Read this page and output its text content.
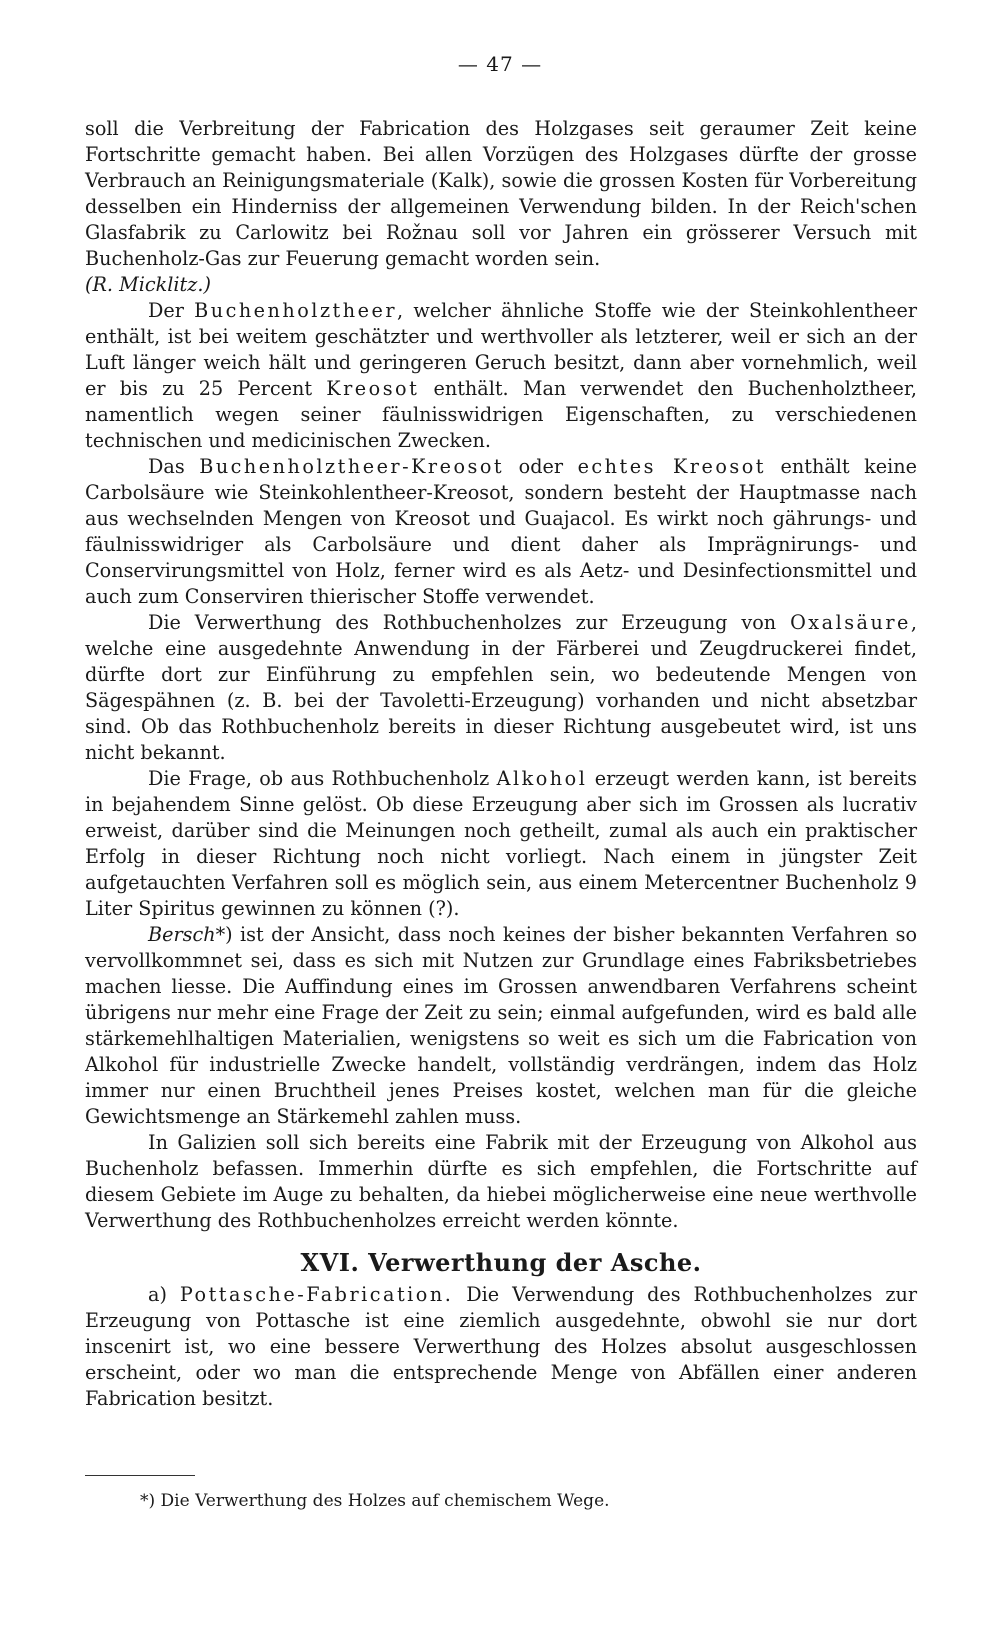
— 47 —

soll die Verbreitung der Fabrication des Holzgases seit geraumer Zeit keine Fortschritte gemacht haben. Bei allen Vorzügen des Holzgases dürfte der grosse Verbrauch an Reinigungsmateriale (Kalk), sowie die grossen Kosten für Vorbereitung desselben ein Hinderniss der allgemeinen Verwendung bilden. In der Reich'schen Glasfabrik zu Carlowitz bei Rožnau soll vor Jahren ein grösserer Versuch mit Buchenholz-Gas zur Feuerung gemacht worden sein.

(R. Micklitz.)

Der Buchenholztheer, welcher ähnliche Stoffe wie der Steinkohlentheer enthält, ist bei weitem geschätzter und werthvoller als letzterer, weil er sich an der Luft länger weich hält und geringeren Geruch besitzt, dann aber vornehmlich, weil er bis zu 25 Percent Kreosot enthält. Man verwendet den Buchenholztheer, namentlich wegen seiner fäulnisswidrigen Eigenschaften, zu verschiedenen technischen und medicinischen Zwecken.

Das Buchenholztheer-Kreosot oder echtes Kreosot enthält keine Carbolsäure wie Steinkohlentheer-Kreosot, sondern besteht der Hauptmasse nach aus wechselnden Mengen von Kreosot und Guajacol. Es wirkt noch gährungs- und fäulnisswidriger als Carbolsäure und dient daher als Imprägnirungs- und Conservirungsmittel von Holz, ferner wird es als Aetz- und Desinfectionsmittel und auch zum Conserviren thierischer Stoffe verwendet.

Die Verwerthung des Rothbuchenholzes zur Erzeugung von Oxalsäure, welche eine ausgedehnte Anwendung in der Färberei und Zeugdruckerei findet, dürfte dort zur Einführung zu empfehlen sein, wo bedeutende Mengen von Sägespähnen (z. B. bei der Tavoletti-Erzeugung) vorhanden und nicht absetzbar sind. Ob das Rothbuchenholz bereits in dieser Richtung ausgebeutet wird, ist uns nicht bekannt.

Die Frage, ob aus Rothbuchenholz Alkohol erzeugt werden kann, ist bereits in bejahendem Sinne gelöst. Ob diese Erzeugung aber sich im Grossen als lucrativ erweist, darüber sind die Meinungen noch getheilt, zumal als auch ein praktischer Erfolg in dieser Richtung noch nicht vorliegt. Nach einem in jüngster Zeit aufgetauchten Verfahren soll es möglich sein, aus einem Metercentner Buchenholz 9 Liter Spiritus gewinnen zu können (?).

Bersch*) ist der Ansicht, dass noch keines der bisher bekannten Verfahren so vervollkommnet sei, dass es sich mit Nutzen zur Grundlage eines Fabriksbetriebes machen liesse. Die Auffindung eines im Grossen anwendbaren Verfahrens scheint übrigens nur mehr eine Frage der Zeit zu sein; einmal aufgefunden, wird es bald alle stärkemehlhaltigen Materialien, wenigstens so weit es sich um die Fabrication von Alkohol für industrielle Zwecke handelt, vollständig verdrängen, indem das Holz immer nur einen Bruchtheil jenes Preises kostet, welchen man für die gleiche Gewichtsmenge an Stärkemehl zahlen muss.

In Galizien soll sich bereits eine Fabrik mit der Erzeugung von Alkohol aus Buchenholz befassen. Immerhin dürfte es sich empfehlen, die Fortschritte auf diesem Gebiete im Auge zu behalten, da hiebei möglicherweise eine neue werthvolle Verwerthung des Rothbuchenholzes erreicht werden könnte.

XVI. Verwerthung der Asche.

a) Pottasche-Fabrication. Die Verwendung des Rothbuchenholzes zur Erzeugung von Pottasche ist eine ziemlich ausgedehnte, obwohl sie nur dort inscenirt ist, wo eine bessere Verwerthung des Holzes absolut ausgeschlossen erscheint, oder wo man die entsprechende Menge von Abfällen einer anderen Fabrication besitzt.

*) Die Verwerthung des Holzes auf chemischem Wege.
